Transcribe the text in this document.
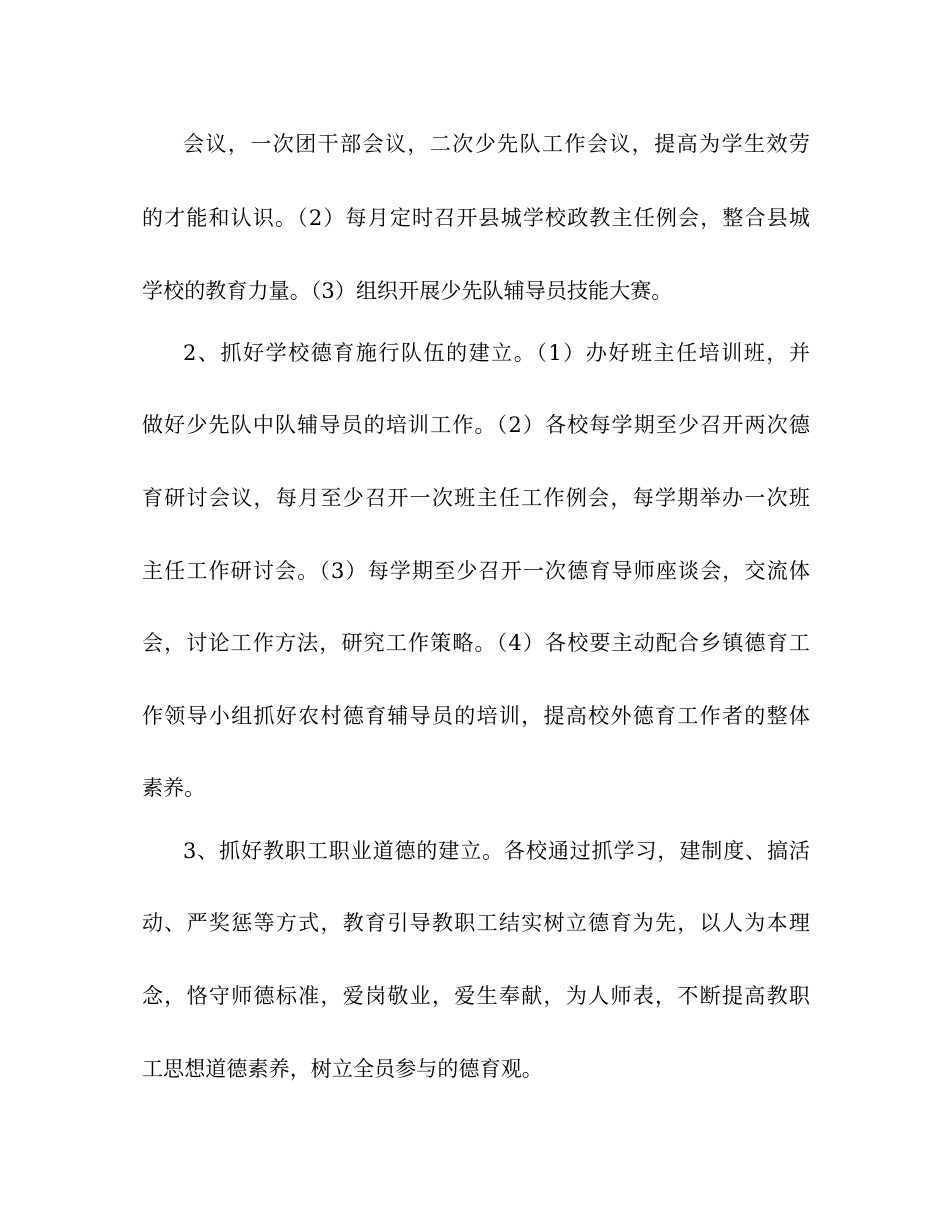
会议，一次团干部会议，二次少先队工作会议，提高为学生效劳
的才能和认识。（2）每月定时召开县城学校政教主任例会，整合县城
学校的教育力量。（3）组织开展少先队辅导员技能大赛。
2、抓好学校德育施行队伍的建立。（1）办好班主任培训班，并
做好少先队中队辅导员的培训工作。（2）各校每学期至少召开两次德
育研讨会议，每月至少召开一次班主任工作例会，每学期举办一次班
主任工作研讨会。（3）每学期至少召开一次德育导师座谈会，交流体
会，讨论工作方法，研究工作策略。（4）各校要主动配合乡镇德育工
作领导小组抓好农村德育辅导员的培训，提高校外德育工作者的整体
素养。
3、抓好教职工职业道德的建立。各校通过抓学习，建制度、搞活
动、严奖惩等方式，教育引导教职工结实树立德育为先，以人为本理
念，恪守师德标准，爱岗敬业，爱生奉献，为人师表，不断提高教职
工思想道德素养，树立全员参与的德育观。
